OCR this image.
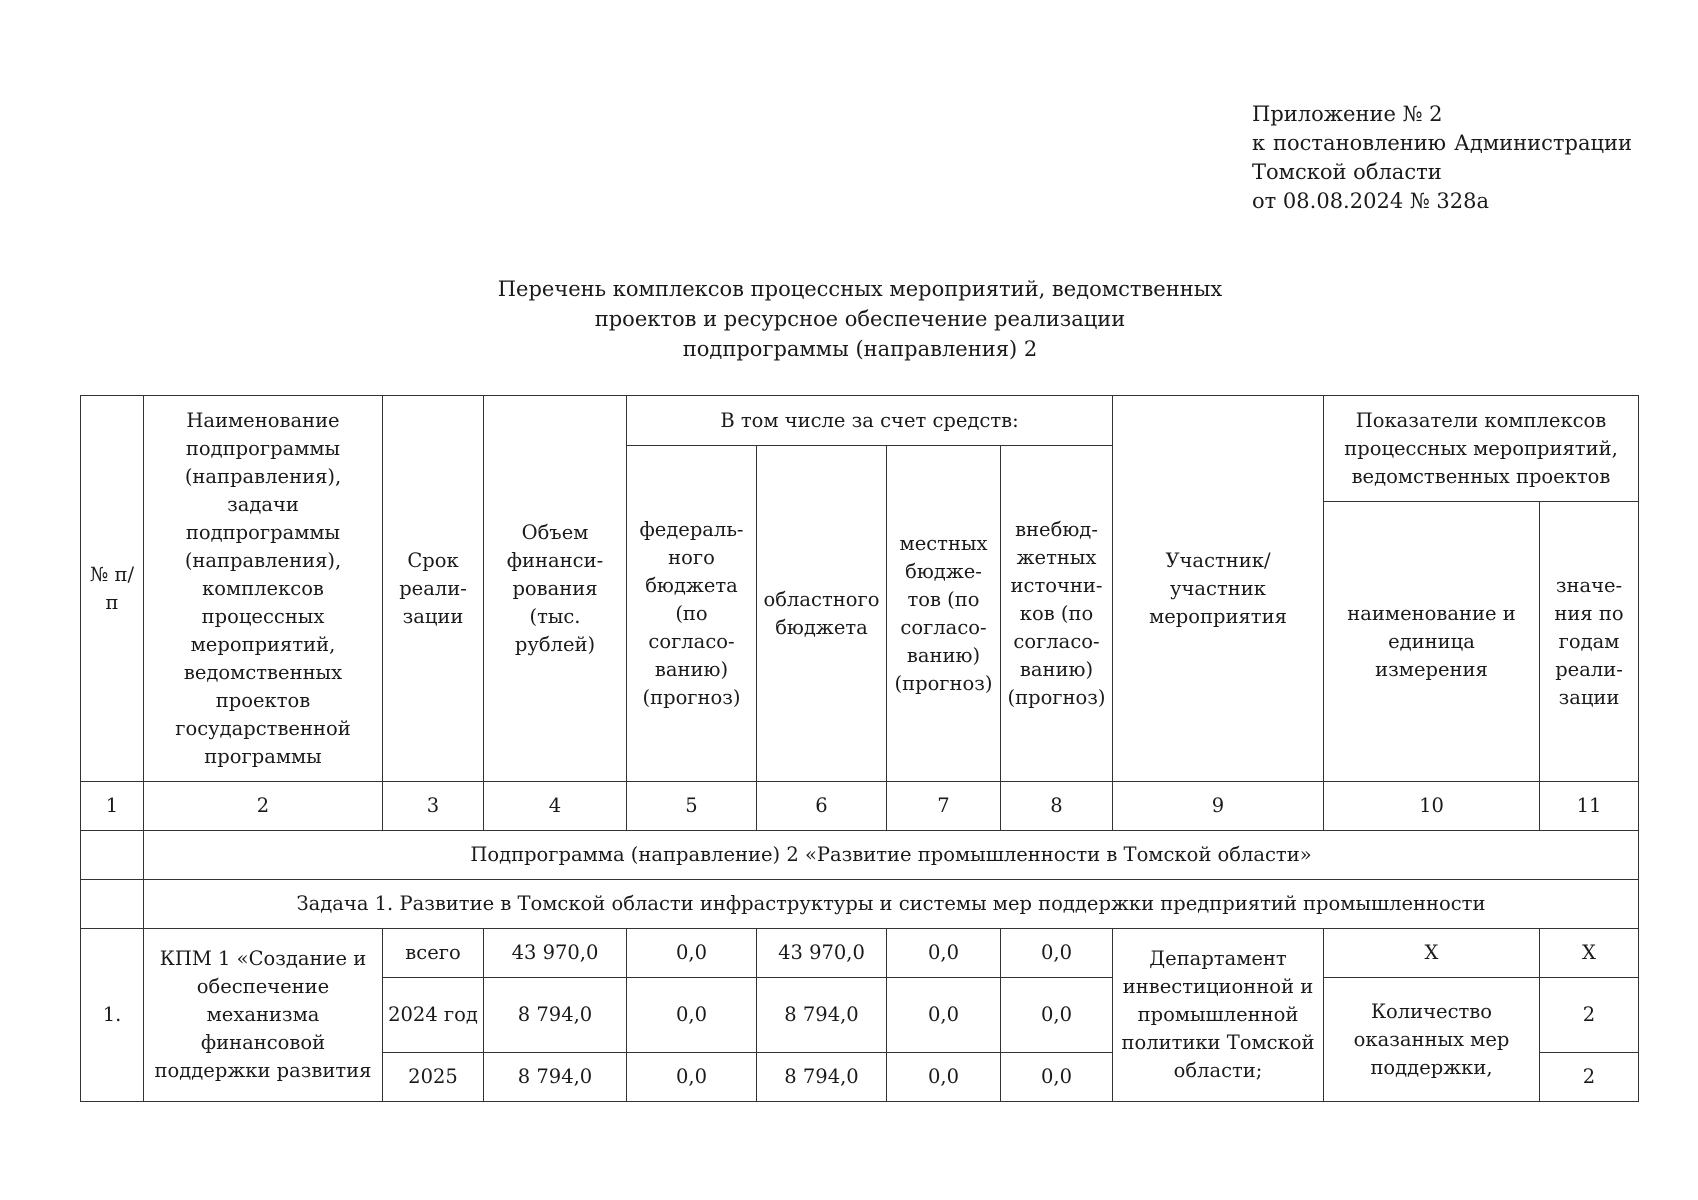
Приложение № 2
к постановлению Администрации
Томской области
от 08.08.2024 № 328а
Перечень комплексов процессных мероприятий, ведомственных
проектов и ресурсное обеспечение реализации
подпрограммы (направления) 2
№ п/п	Наименование подпрограммы (направления), задачи подпрограммы (направления), комплексов процессных мероприятий, ведомственных проектов государственной программы	Срок реали-зации	Объем финанси-рования (тыс. рублей)	В том числе за счет средств:				Участник/ участник мероприятия	Показатели комплексов процессных мероприятий, ведомственных проектов	
				федераль-ного бюджета (по согласо-ванию) (прогноз)	областного бюджета	местных бюдже-тов (по согласо-ванию) (прогноз)	внебюд-жетных источни-ков (по согласо-ванию) (прогноз)			
									наименование и единица измерения	значе-ния по годам реали-зации
1	2	3	4	5	6	7	8	9	10	11
	Подпрограмма (направление) 2 «Развитие промышленности в Томской области»									
	Задача 1. Развитие в Томской области инфраструктуры и системы мер поддержки предприятий промышленности									
1.	КПМ 1 «Создание и обеспечение механизма финансовой поддержки развития	всего	43 970,0	0,0	43 970,0	0,0	0,0	Департамент инвестиционной и промышленной политики Томской области;	X	X
		2024 год	8 794,0	0,0	8 794,0	0,0	0,0		Количество оказанных мер поддержки,	2
		2025	8 794,0	0,0	8 794,0	0,0	0,0			2
